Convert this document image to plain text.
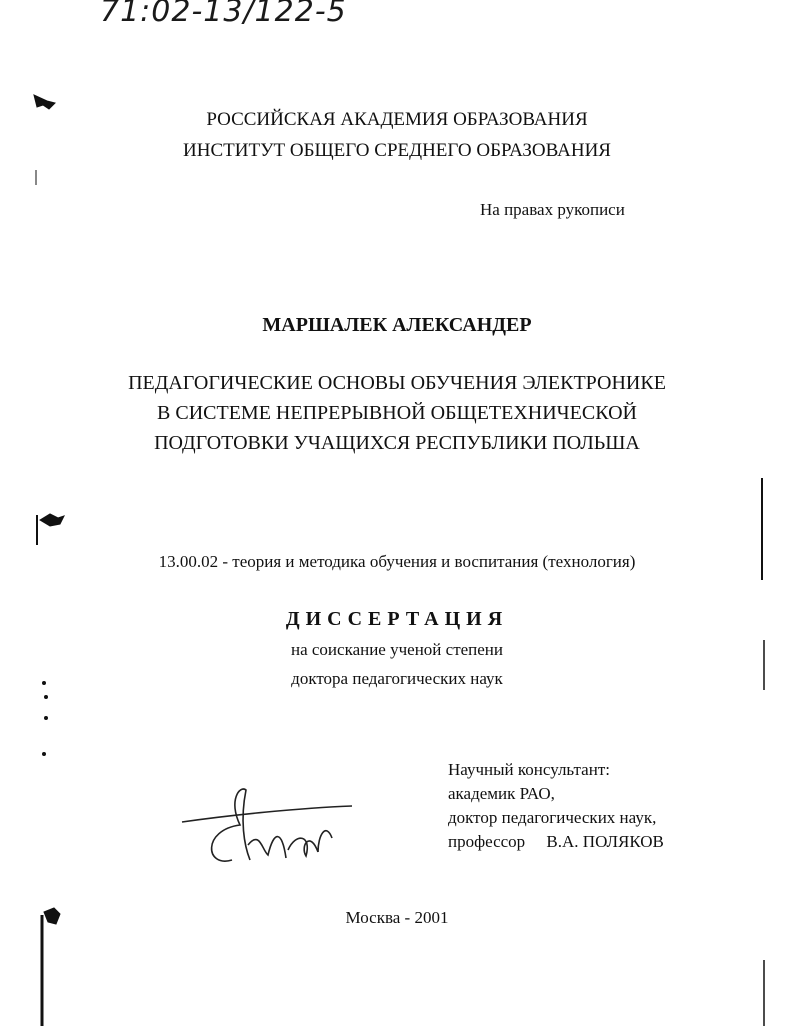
71:02-13/122-5
РОССИЙСКАЯ АКАДЕМИЯ ОБРАЗОВАНИЯ
ИНСТИТУТ ОБЩЕГО СРЕДНЕГО ОБРАЗОВАНИЯ
На правах рукописи
МАРШАЛЕК АЛЕКСАНДЕР
ПЕДАГОГИЧЕСКИЕ ОСНОВЫ ОБУЧЕНИЯ ЭЛЕКТРОНИКЕ
В СИСТЕМЕ НЕПРЕРЫВНОЙ ОБЩЕТЕХНИЧЕСКОЙ
ПОДГОТОВКИ УЧАЩИХСЯ РЕСПУБЛИКИ ПОЛЬША
13.00.02 - теория и методика обучения и воспитания (технология)
ДИССЕРТАЦИЯ
на соискание ученой степени
доктора педагогических наук
Научный консультант:
академик РАО,
доктор педагогических наук,
профессор     В.А. ПОЛЯКОВ
Москва - 2001
